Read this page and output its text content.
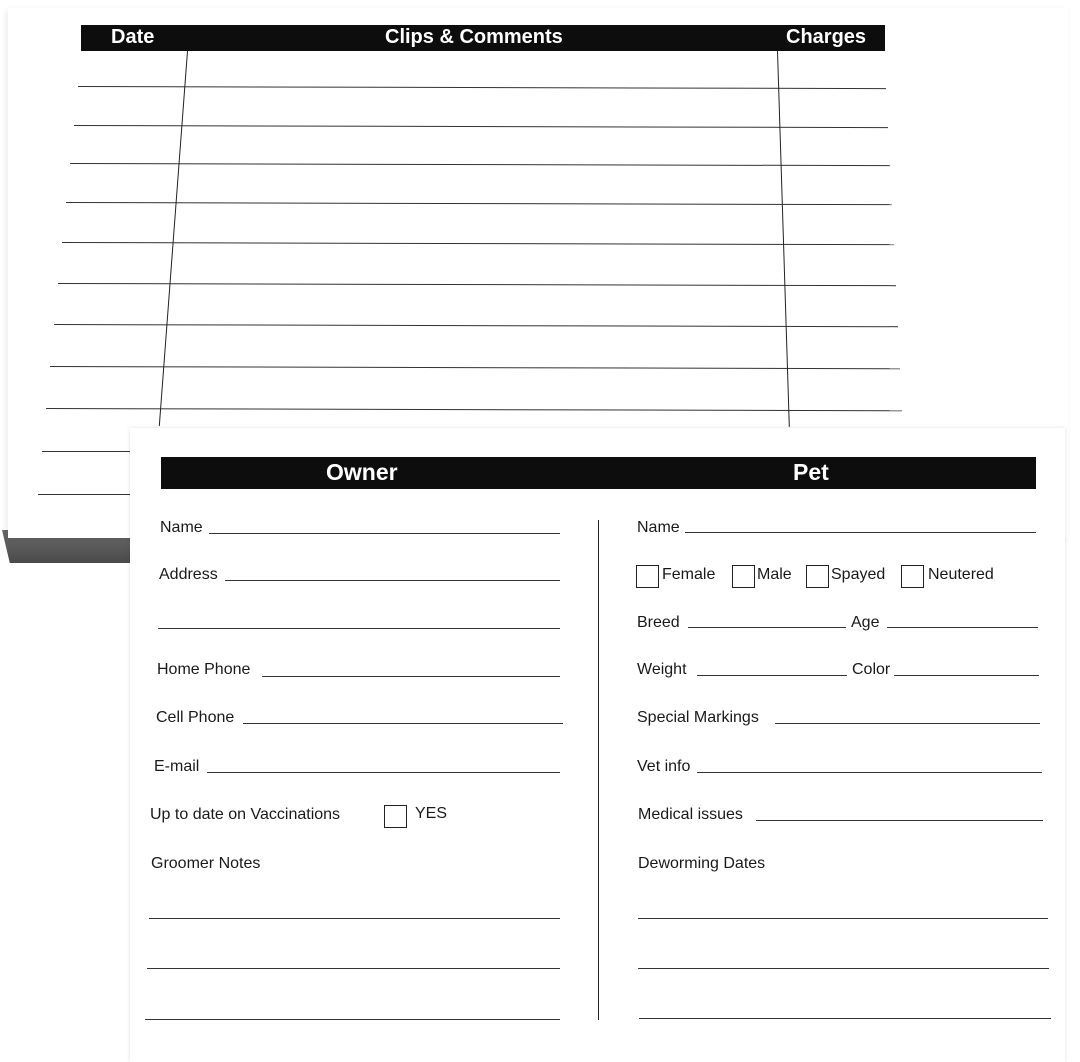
Date	Clips & Comments	Charges
Owner	Pet
Name
Address
Home Phone
Cell Phone
E-mail
Up to date on Vaccinations	YES
Groomer Notes
Name
Female	Male Spayed	Neutered
Breed	Age
Weight	Color
Special Markings
Vet info
Medical issues
Deworming Dates
